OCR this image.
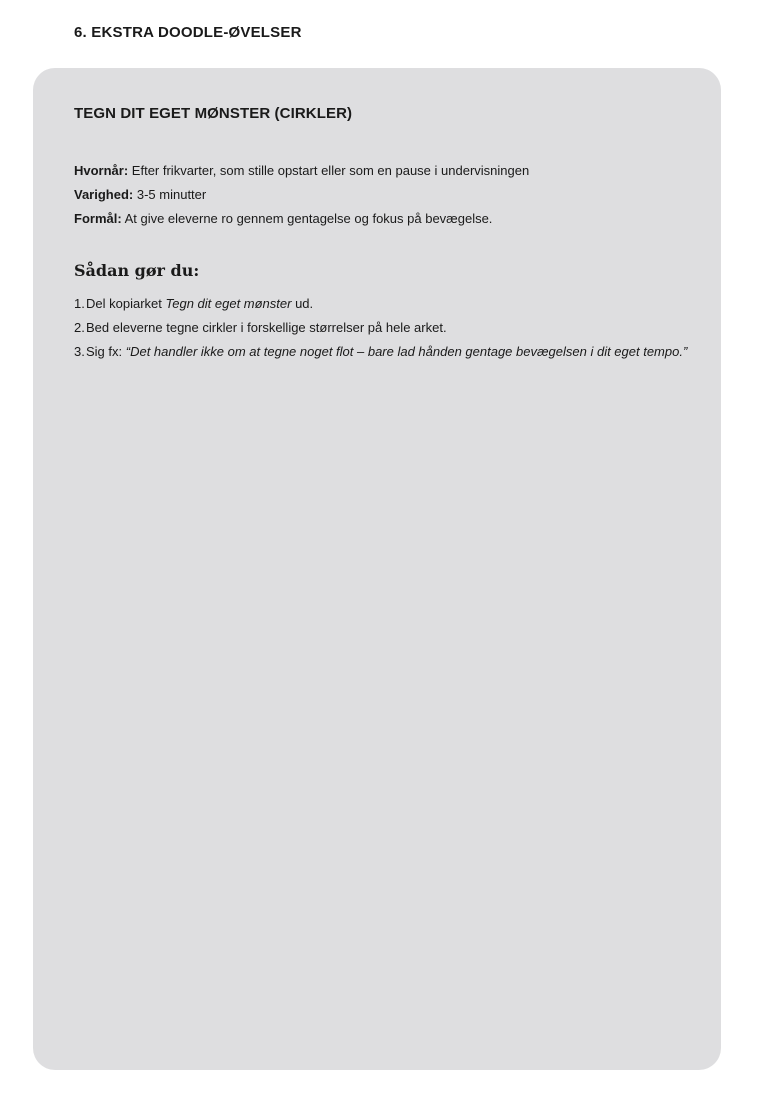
6. EKSTRA DOODLE-ØVELSER
TEGN DIT EGET MØNSTER (CIRKLER)
Hvornår: Efter frikvarter, som stille opstart eller som en pause i undervisningen
Varighed: 3-5 minutter
Formål: At give eleverne ro gennem gentagelse og fokus på bevægelse.
Sådan gør du:
1. Del kopiarket Tegn dit eget mønster ud.
2. Bed eleverne tegne cirkler i forskellige størrelser på hele arket.
3. Sig fx: “Det handler ikke om at tegne noget flot – bare lad hånden gentage bevægelsen i dit eget tempo.”
